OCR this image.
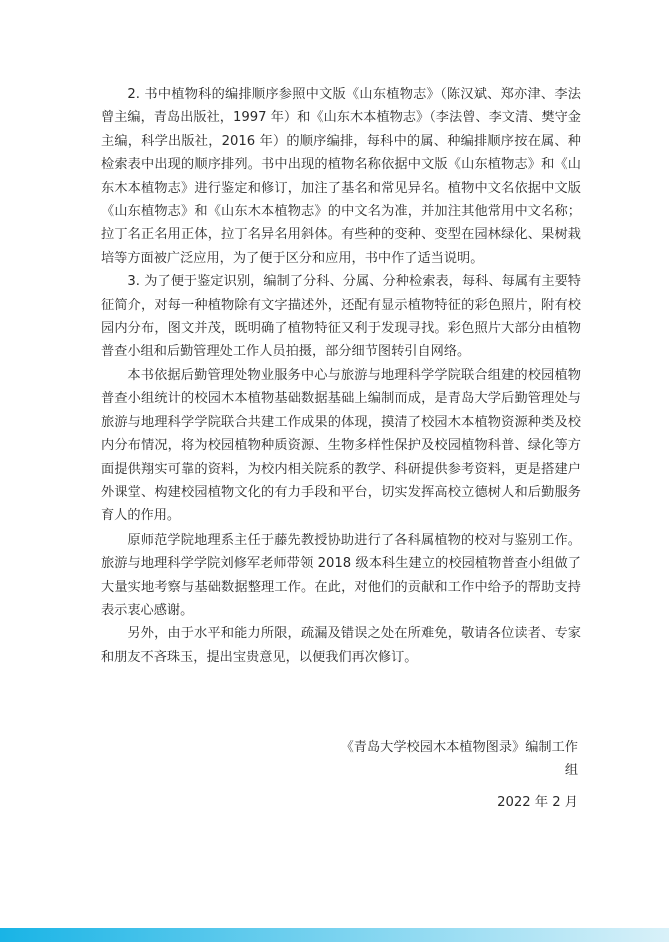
2. 书中植物科的编排顺序参照中文版《山东植物志》（陈汉斌、郑亦津、李法曾主编，青岛出版社，1997 年）和《山东木本植物志》（李法曾、李文清、樊守金主编，科学出版社，2016 年）的顺序编排，每科中的属、种编排顺序按在属、种检索表中出现的顺序排列。书中出现的植物名称依据中文版《山东植物志》和《山东木本植物志》进行鉴定和修订，加注了基名和常见异名。植物中文名依据中文版《山东植物志》和《山东木本植物志》的中文名为准，并加注其他常用中文名称；拉丁名正名用正体，拉丁名异名用斜体。有些种的变种、变型在园林绿化、果树栽培等方面被广泛应用，为了便于区分和应用，书中作了适当说明。

3. 为了便于鉴定识别，编制了分科、分属、分种检索表，每科、每属有主要特征简介，对每一种植物除有文字描述外，还配有显示植物特征的彩色照片，附有校园内分布，图文并茂，既明确了植物特征又利于发现寻找。彩色照片大部分由植物普查小组和后勤管理处工作人员拍摄，部分细节图转引自网络。

本书依据后勤管理处物业服务中心与旅游与地理科学学院联合组建的校园植物普查小组统计的校园木本植物基础数据基础上编制而成，是青岛大学后勤管理处与旅游与地理科学学院联合共建工作成果的体现，摸清了校园木本植物资源种类及校内分布情况，将为校园植物种质资源、生物多样性保护及校园植物科普、绿化等方面提供翔实可靠的资料，为校内相关院系的教学、科研提供参考资料，更是搭建户外课堂、构建校园植物文化的有力手段和平台，切实发挥高校立德树人和后勤服务育人的作用。

原师范学院地理系主任于藤先教授协助进行了各科属植物的校对与鉴别工作。旅游与地理科学学院刘修军老师带领 2018 级本科生建立的校园植物普查小组做了大量实地考察与基础数据整理工作。在此，对他们的贡献和工作中给予的帮助支持表示衷心感谢。

另外，由于水平和能力所限，疏漏及错误之处在所难免，敬请各位读者、专家和朋友不吝珠玉，提出宝贵意见，以便我们再次修订。

《青岛大学校园木本植物图录》编制工作组
2022 年 2 月
